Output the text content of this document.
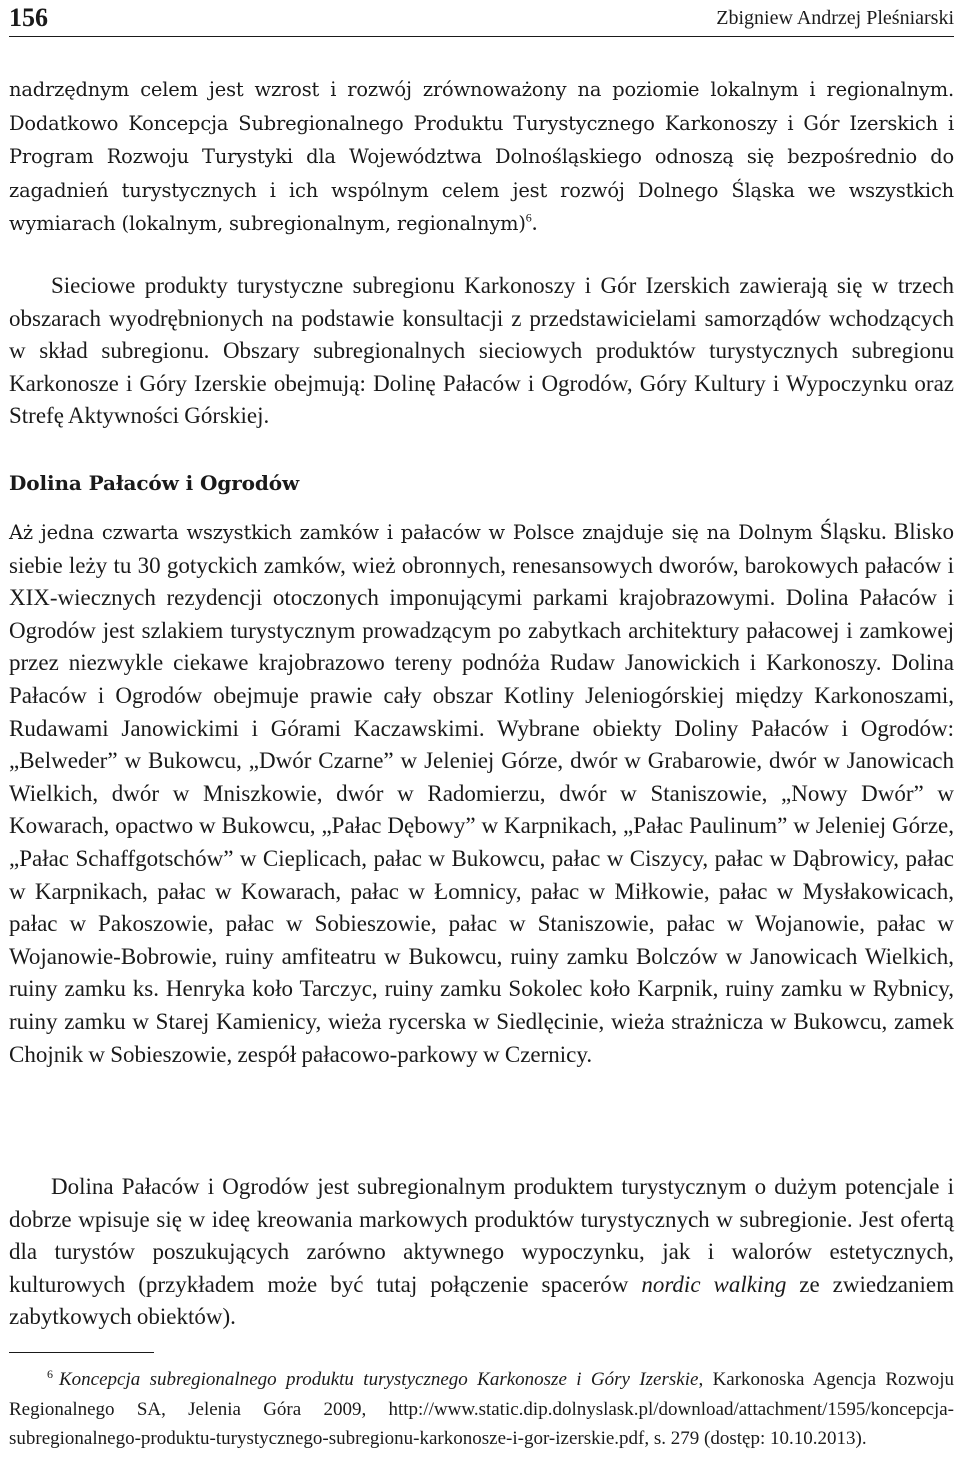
156	Zbigniew Andrzej Pleśniarski

nadrzędnym celem jest wzrost i rozwój zrównoważony na poziomie lokalnym i regionalnym. Dodatkowo Koncepcja Subregionalnego Produktu Turystycznego Karkonoszy i Gór Izerskich i Program Rozwoju Turystyki dla Województwa Dolnośląskiego odnoszą się bezpośrednio do zagadnień turystycznych i ich wspólnym celem jest rozwój Dolnego Śląska we wszystkich wymiarach (lokalnym, subregionalnym, regionalnym)$^6$.

Sieciowe produkty turystyczne subregionu Karkonoszy i Gór Izerskich zawierają się w trzech obszarach wyodrębnionych na podstawie konsultacji z przedstawicielami samorządów wchodzących w skład subregionu. Obszary subregionalnych sieciowych produktów turystycznych subregionu Karkonosze i Góry Izerskie obejmują: Dolinę Pałaców i Ogrodów, Góry Kultury i Wypoczynku oraz Strefę Aktywności Górskiej.

Dolina Pałaców i Ogrodów

Aż jedna czwarta wszystkich zamków i pałaców w Polsce znajduje się na Dolnym Śląsku. Blisko siebie leży tu 30 gotyckich zamków, wież obronnych, renesansowych dworów, barokowych pałaców i XIX-wiecznych rezydencji otoczonych imponującymi parkami krajobrazowymi. Dolina Pałaców i Ogrodów jest szlakiem turystycznym prowadzącym po zabytkach architektury pałacowej i zamkowej przez niezwykle ciekawe krajobrazowo tereny podnóża Rudaw Janowickich i Karkonoszy. Dolina Pałaców i Ogrodów obejmuje prawie cały obszar Kotliny Jeleniogórskiej między Karkonoszami, Rudawami Janowickimi i Górami Kaczawskimi. Wybrane obiekty Doliny Pałaców i Ogrodów: „Belweder” w Bukowcu, „Dwór Czarne” w Jeleniej Górze, dwór w Grabarowie, dwór w Janowicach Wielkich, dwór w Mniszkowie, dwór w Radomierzu, dwór w Staniszowie, „Nowy Dwór” w Kowarach, opactwo w Bukowcu, „Pałac Dębowy” w Karpnikach, „Pałac Paulinum” w Jeleniej Górze, „Pałac Schaffgotschów” w Cieplicach, pałac w Bukowcu, pałac w Ciszycy, pałac w Dąbrowicy, pałac w Karpnikach, pałac w Kowarach, pałac w Łomnicy, pałac w Miłkowie, pałac w Mysłakowicach, pałac w Pakoszowie, pałac w Sobieszowie, pałac w Staniszowie, pałac w Wojanowie, pałac w Wojanowie-Bobrowie, ruiny amfiteatru w Bukowcu, ruiny zamku Bolczów w Janowicach Wielkich, ruiny zamku ks. Henryka koło Tarczyc, ruiny zamku Sokolec koło Karpnik, ruiny zamku w Rybnicy, ruiny zamku w Starej Kamienicy, wieża rycerska w Siedlęcinie, wieża strażnicza w Bukowcu, zamek Chojnik w Sobieszowie, zespół pałacowo-parkowy w Czernicy.

Dolina Pałaców i Ogrodów jest subregionalnym produktem turystycznym o dużym potencjale i dobrze wpisuje się w ideę kreowania markowych produktów turystycznych w subregionie. Jest ofertą dla turystów poszukujących zarówno aktywnego wypoczynku, jak i walorów estetycznych, kulturowych (przykładem może być tutaj połączenie spacerów nordic walking ze zwiedzaniem zabytkowych obiektów).

$^6$ Koncepcja subregionalnego produktu turystycznego Karkonosze i Góry Izerskie, Karkonoska Agencja Rozwoju Regionalnego SA, Jelenia Góra 2009, http://www.static.dip.dolnyslask.pl/download/attachment/1595/koncepcja-subregionalnego-produktu-turystycznego-subregionu-karkonosze-i-gor-izerskie.pdf, s. 279 (dostęp: 10.10.2013).
